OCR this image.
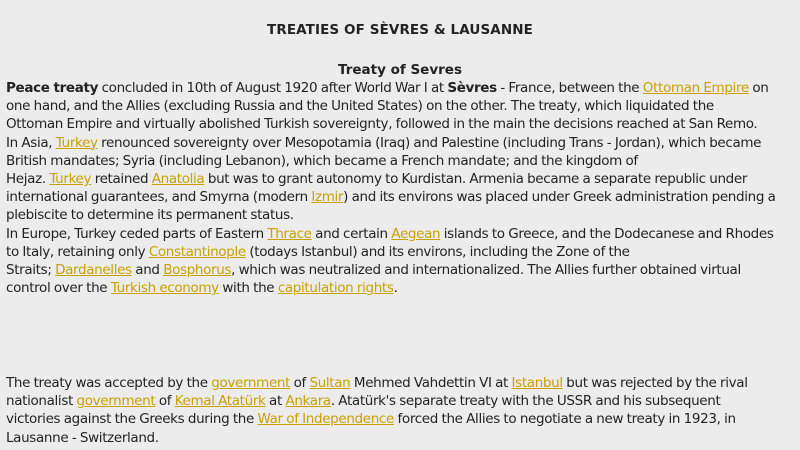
TREATIES OF SÈVRES & LAUSANNE
Treaty of Sevres
Peace treaty concluded in 10th of August 1920 after World War I at Sèvres - France, between the Ottoman Empire on
one hand, and the Allies (excluding Russia and the United States) on the other. The treaty, which liquidated the
Ottoman Empire and virtually abolished Turkish sovereignty, followed in the main the decisions reached at San Remo.
In Asia, Turkey renounced sovereignty over Mesopotamia (Iraq) and Palestine (including Trans - Jordan), which became
British mandates; Syria (including Lebanon), which became a French mandate; and the kingdom of
Hejaz. Turkey retained Anatolia but was to grant autonomy to Kurdistan. Armenia became a separate republic under
international guarantees, and Smyrna (modern Izmir) and its environs was placed under Greek administration pending a
plebiscite to determine its permanent status.
In Europe, Turkey ceded parts of Eastern Thrace and certain Aegean islands to Greece, and the Dodecanese and Rhodes
to Italy, retaining only Constantinople (todays Istanbul) and its environs, including the Zone of the
Straits; Dardanelles and Bosphorus, which was neutralized and internationalized. The Allies further obtained virtual
control over the Turkish economy with the capitulation rights.
The treaty was accepted by the government of Sultan Mehmed Vahdettin VI at Istanbul but was rejected by the rival
nationalist government of Kemal Atatürk at Ankara. Atatürk's separate treaty with the USSR and his subsequent
victories against the Greeks during the War of Independence forced the Allies to negotiate a new treaty in 1923, in
Lausanne - Switzerland.
